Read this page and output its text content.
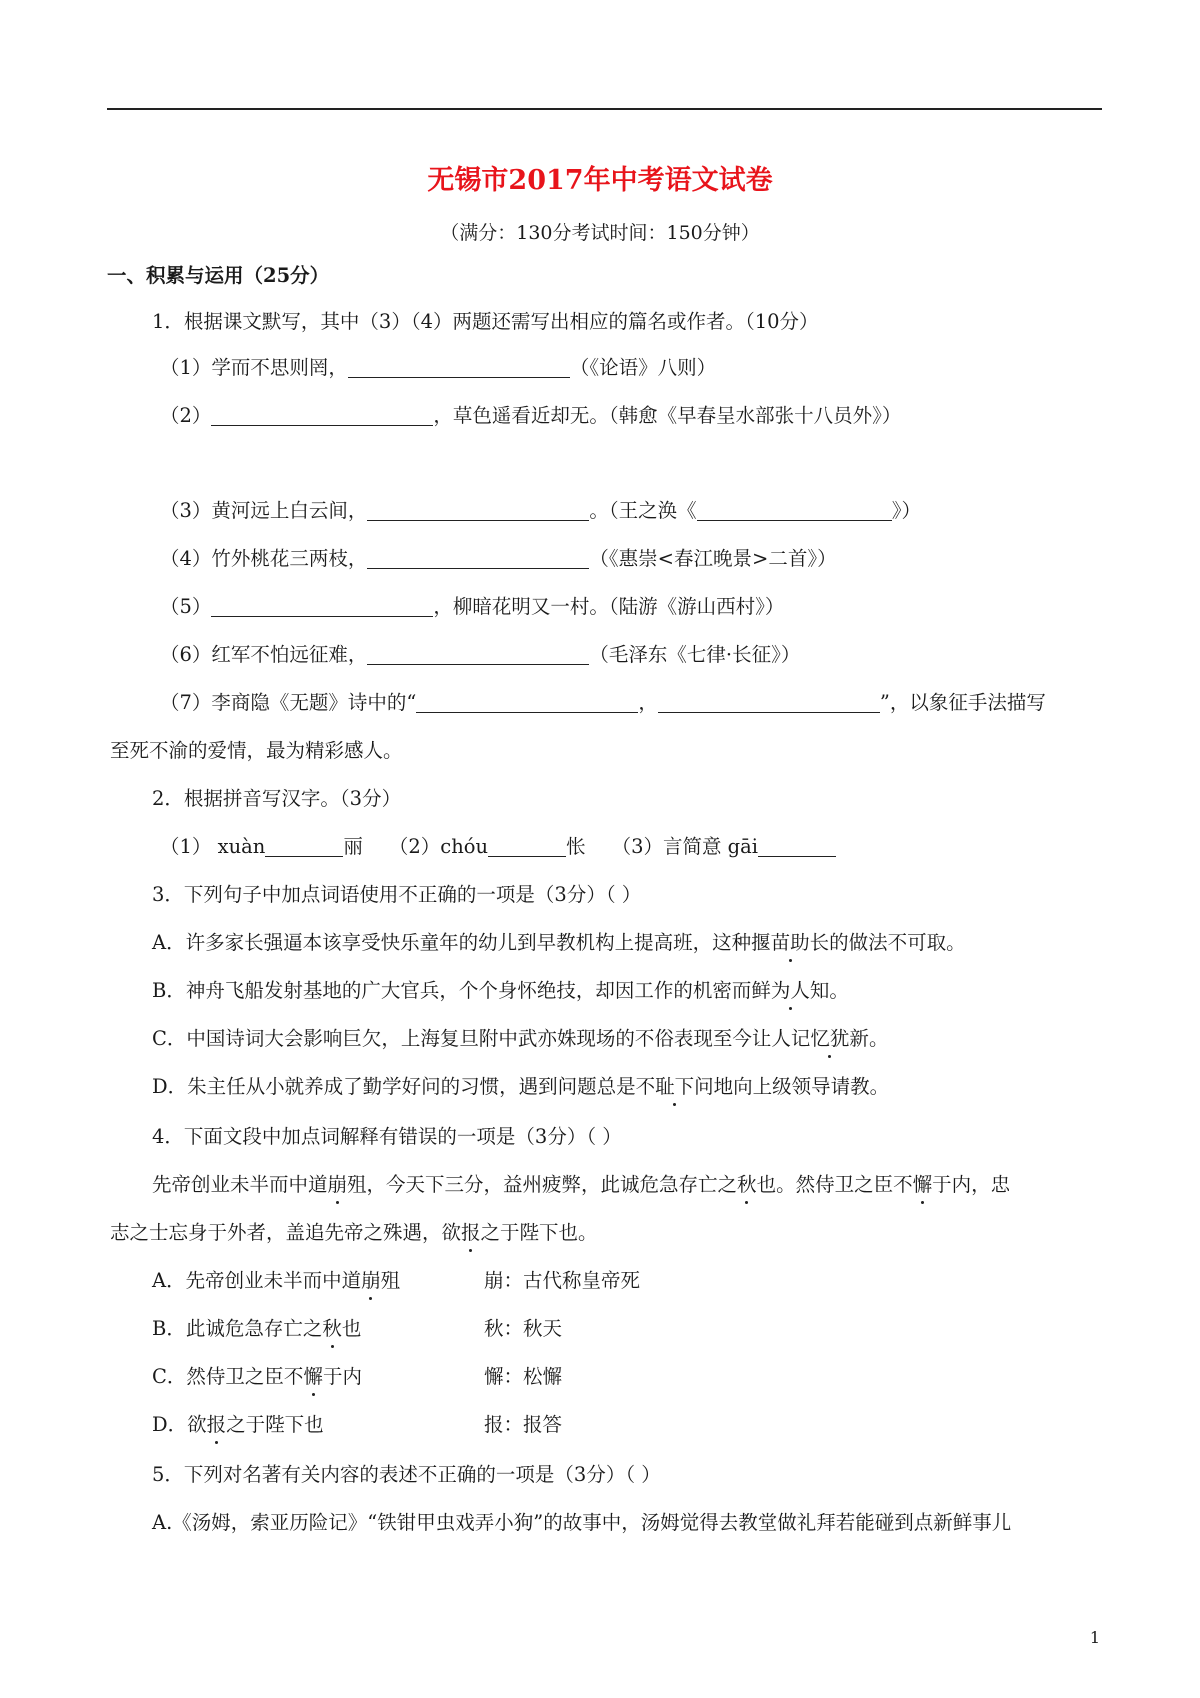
无锡市2017年中考语文试卷
（满分：130分考试时间：150分钟）
一、积累与运用（25分）
1．根据课文默写，其中（3）（4）两题还需写出相应的篇名或作者。（10分）
（1）学而不思则罔，	（《论语》八则）
（2）	，草色遥看近却无。（韩愈《早春呈水部张十八员外》）
（3）黄河远上白云间，	。（王之涣《	》）
（4）竹外桃花三两枝，	（《惠崇<春江晚景>二首》）
（5）	，柳暗花明又一村。（陆游《游山西村》）
（6）红军不怕远征难，	（毛泽东《七律·长征》）
（7）李商隐《无题》诗中的“	，	”，以象征手法描写
至死不渝的爱情，最为精彩感人。
2．根据拼音写汉字。（3分）
（1） xuàn	丽 （2）chóu	怅 （3）言简意 gāi
3．下列句子中加点词语使用不正确的一项是（3分）（ ）
A．许多家长强逼本该享受快乐童年的幼儿到早教机构上提高班，这种揠苗助长的做法不可取。
B．神舟飞船发射基地的广大官兵，个个身怀绝技，却因工作的机密而鲜为人知。
C．中国诗词大会影响巨欠，上海复旦附中武亦姝现场的不俗表现至今让人记忆犹新。
D．朱主任从小就养成了勤学好问的习惯，遇到问题总是不耻下问地向上级领导请教。
4．下面文段中加点词解释有错误的一项是（3分）（ ）
先帝创业未半而中道崩殂，今天下三分，益州疲弊，此诚危急存亡之秋也。然侍卫之臣不懈于内，忠
志之士忘身于外者，盖追先帝之殊遇，欲报之于陛下也。
A．先帝创业未半而中道崩殂	崩：古代称皇帝死
B．此诚危急存亡之秋也	秋：秋天
C．然侍卫之臣不懈于内	懈：松懈
D．欲报之于陛下也	报：报答
5．下列对名著有关内容的表述不正确的一项是（3分）（ ）
A.《汤姆，索亚历险记》“铁钳甲虫戏弄小狗”的故事中，汤姆觉得去教堂做礼拜若能碰到点新鲜事儿
1
